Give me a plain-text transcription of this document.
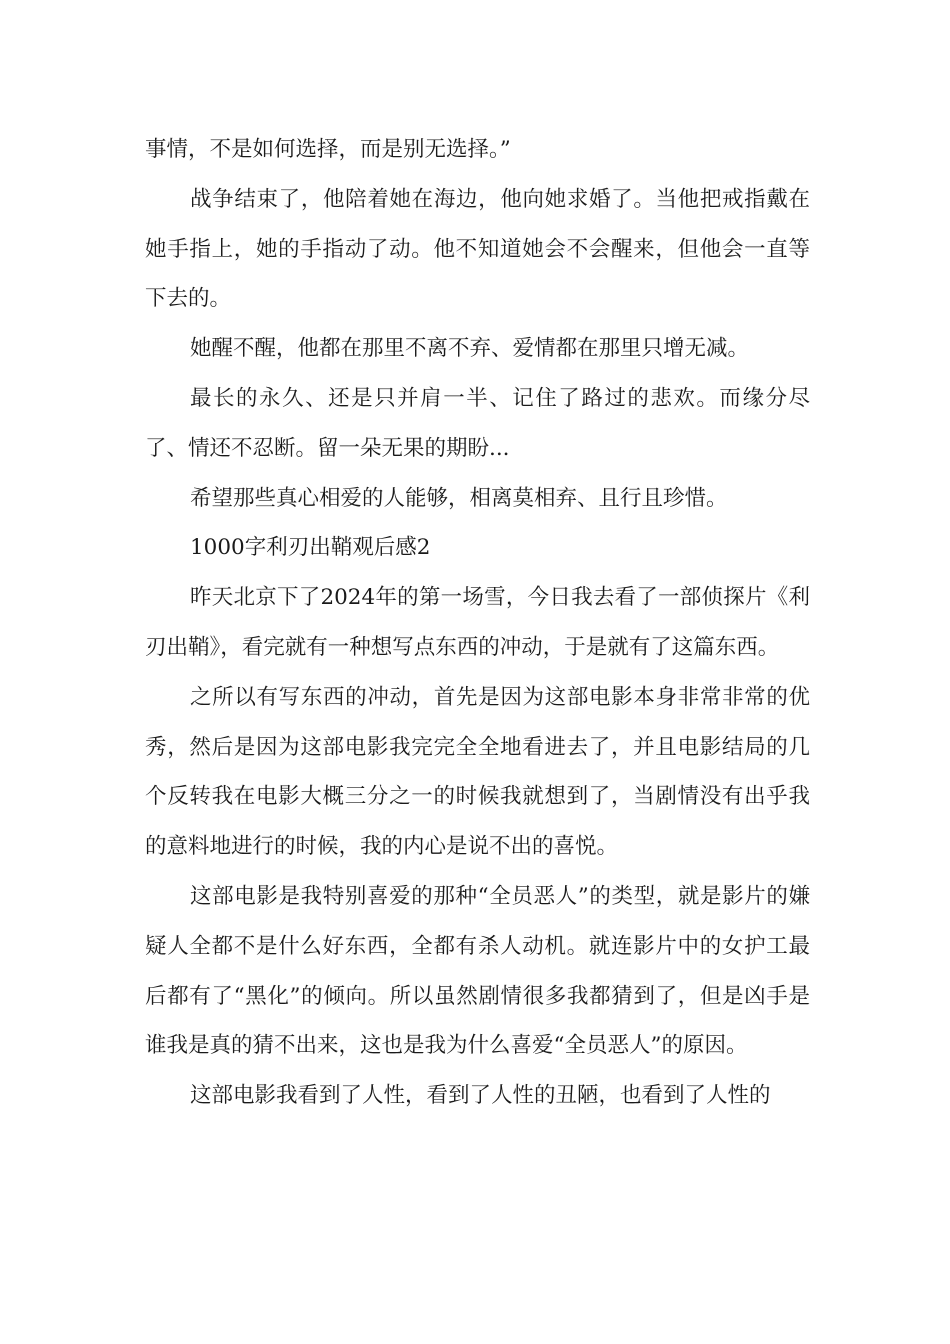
事情，不是如何选择，而是别无选择。”

战争结束了，他陪着她在海边，他向她求婚了。当他把戒指戴在她手指上，她的手指动了动。他不知道她会不会醒来，但他会一直等下去的。

她醒不醒，他都在那里不离不弃、爱情都在那里只增无减。

最长的永久、还是只并肩一半、记住了路过的悲欢。而缘分尽了、情还不忍断。留一朵无果的期盼...

希望那些真心相爱的人能够，相离莫相弃、且行且珍惜。

1000字利刃出鞘观后感2

昨天北京下了2024年的第一场雪，今日我去看了一部侦探片《利刃出鞘》，看完就有一种想写点东西的冲动，于是就有了这篇东西。

之所以有写东西的冲动，首先是因为这部电影本身非常非常的优秀，然后是因为这部电影我完完全全地看进去了，并且电影结局的几个反转我在电影大概三分之一的时候我就想到了，当剧情没有出乎我的意料地进行的时候，我的内心是说不出的喜悦。

这部电影是我特别喜爱的那种“全员恶人”的类型，就是影片的嫌疑人全都不是什么好东西，全都有杀人动机。就连影片中的女护工最后都有了“黑化”的倾向。所以虽然剧情很多我都猜到了，但是凶手是谁我是真的猜不出来，这也是我为什么喜爱“全员恶人”的原因。

这部电影我看到了人性，看到了人性的丑陋，也看到了人性的
